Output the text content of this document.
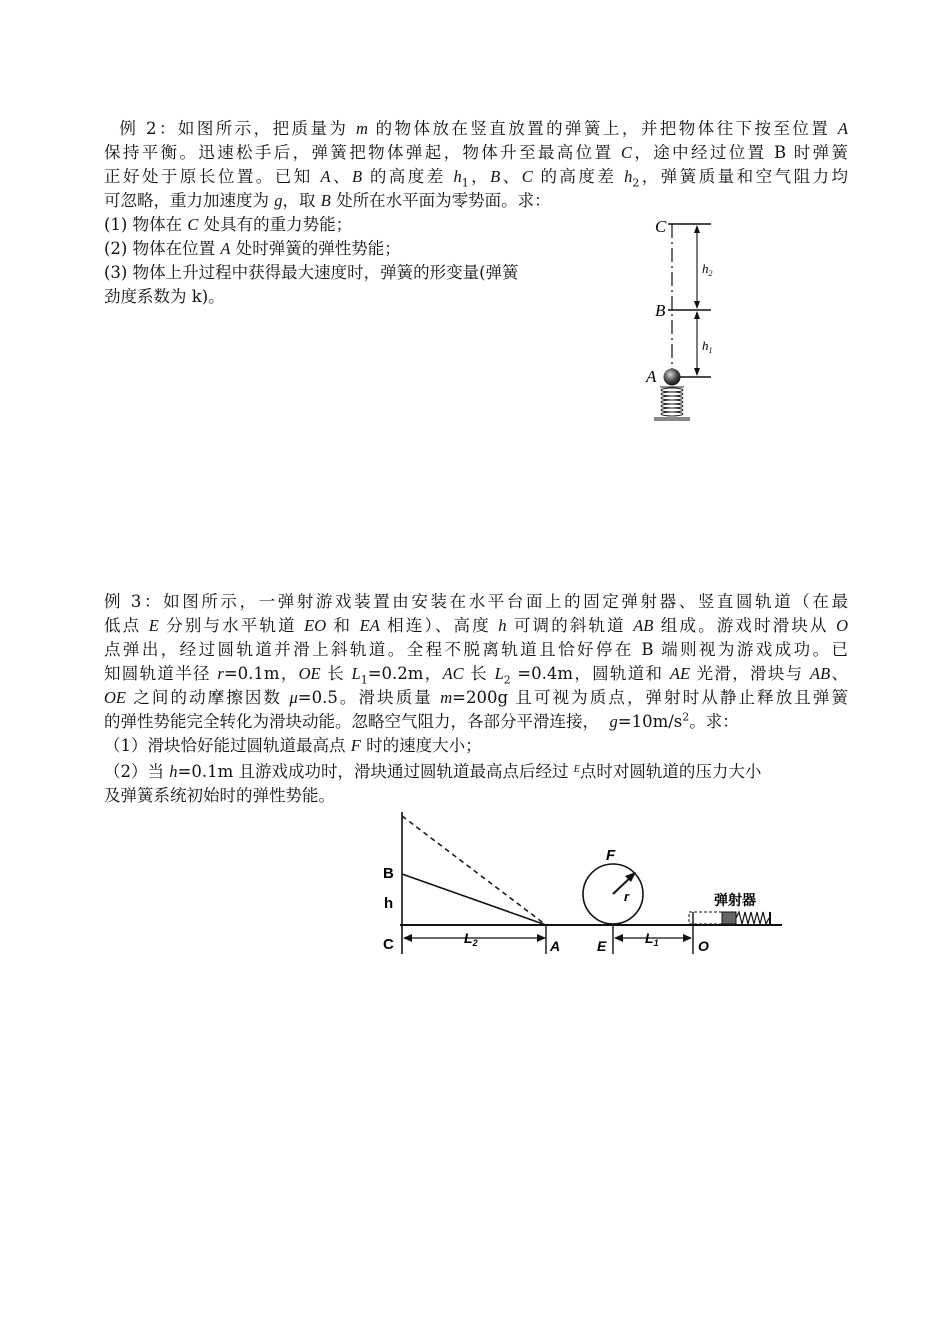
例 2：如图所示，把质量为 m 的物体放在竖直放置的弹簧上，并把物体往下按至位置 A
保持平衡。迅速松手后，弹簧把物体弹起，物体升至最高位置 C，途中经过位置 B 时弹簧
正好处于原长位置。已知 A、B 的高度差 $h_1$，B、C 的高度差 $h_2$，弹簧质量和空气阻力均
可忽略，重力加速度为 g，取 B 处所在水平面为零势面。求：
(1) 物体在 C 处具有的重力势能；
(2) 物体在位置 A 处时弹簧的弹性势能；
(3) 物体上升过程中获得最大速度时，弹簧的形变量(弹簧
劲度系数为 k)。
C
B
A
$h_2$
$h_1$
例 3：如图所示，一弹射游戏装置由安装在水平台面上的固定弹射器、竖直圆轨道（在最
低点 E 分别与水平轨道 EO 和 EA 相连）、高度 h 可调的斜轨道 AB 组成。游戏时滑块从 O
点弹出，经过圆轨道并滑上斜轨道。全程不脱离轨道且恰好停在 B 端则视为游戏成功。已
知圆轨道半径 r=0.1m，OE 长 $L_1=0.2m$，AC 长 $L_2 =0.4m$，圆轨道和 AE 光滑，滑块与 AB、
OE 之间的动摩擦因数 μ=0.5。滑块质量 m=200g 且可视为质点，弹射时从静止释放且弹簧
的弹性势能完全转化为滑块动能。忽略空气阻力，各部分平滑连接， $g=10m/s^2$。求：
（1）滑块恰好能过圆轨道最高点 F 时的速度大小；
（2）当 h=0.1m 且游戏成功时，滑块通过圆轨道最高点后经过 $^E$点时对圆轨道的压力大小
及弹簧系统初始时的弹性势能。
B
h
C	$L_2$	A
r
F
E	$L_1$	O
弹射器
